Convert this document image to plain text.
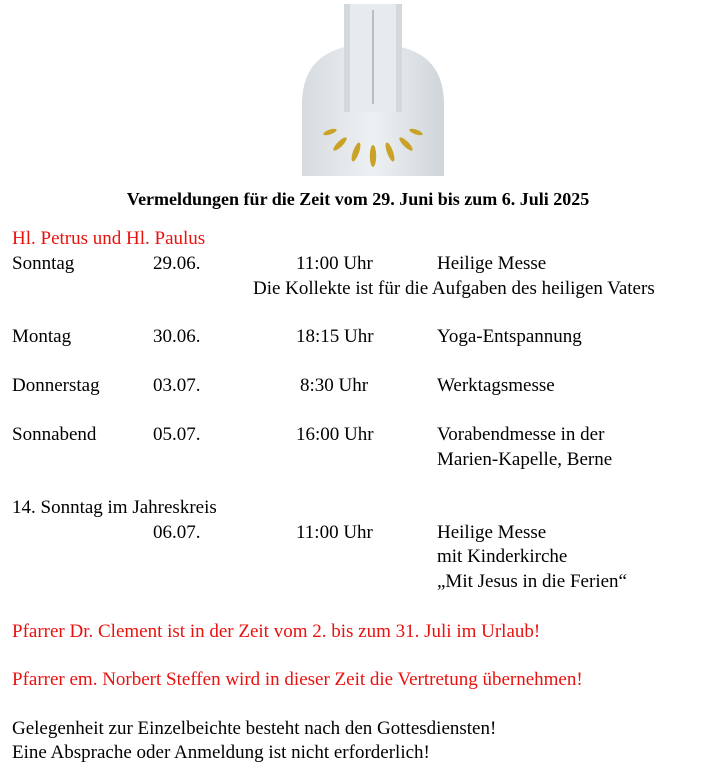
Vermeldungen für die Zeit vom 29. Juni bis zum 6. Juli 2025
Hl. Petrus und Hl. Paulus
Sonntag	29.06.	11:00 Uhr	Heilige Messe
Die Kollekte ist für die Aufgaben des heiligen Vaters
Montag	30.06.	18:15 Uhr	Yoga-Entspannung
Donnerstag	03.07.	8:30 Uhr	Werktagsmesse
Sonnabend	05.07.	16:00 Uhr	Vorabendmesse in der
Marien-Kapelle, Berne
14. Sonntag im Jahreskreis
06.07.	11:00 Uhr	Heilige Messe
mit Kinderkirche
„Mit Jesus in die Ferien“
Pfarrer Dr. Clement ist in der Zeit vom 2. bis zum 31. Juli im Urlaub!
Pfarrer em. Norbert Steffen wird in dieser Zeit die Vertretung übernehmen!
Gelegenheit zur Einzelbeichte besteht nach den Gottesdiensten!
Eine Absprache oder Anmeldung ist nicht erforderlich!
